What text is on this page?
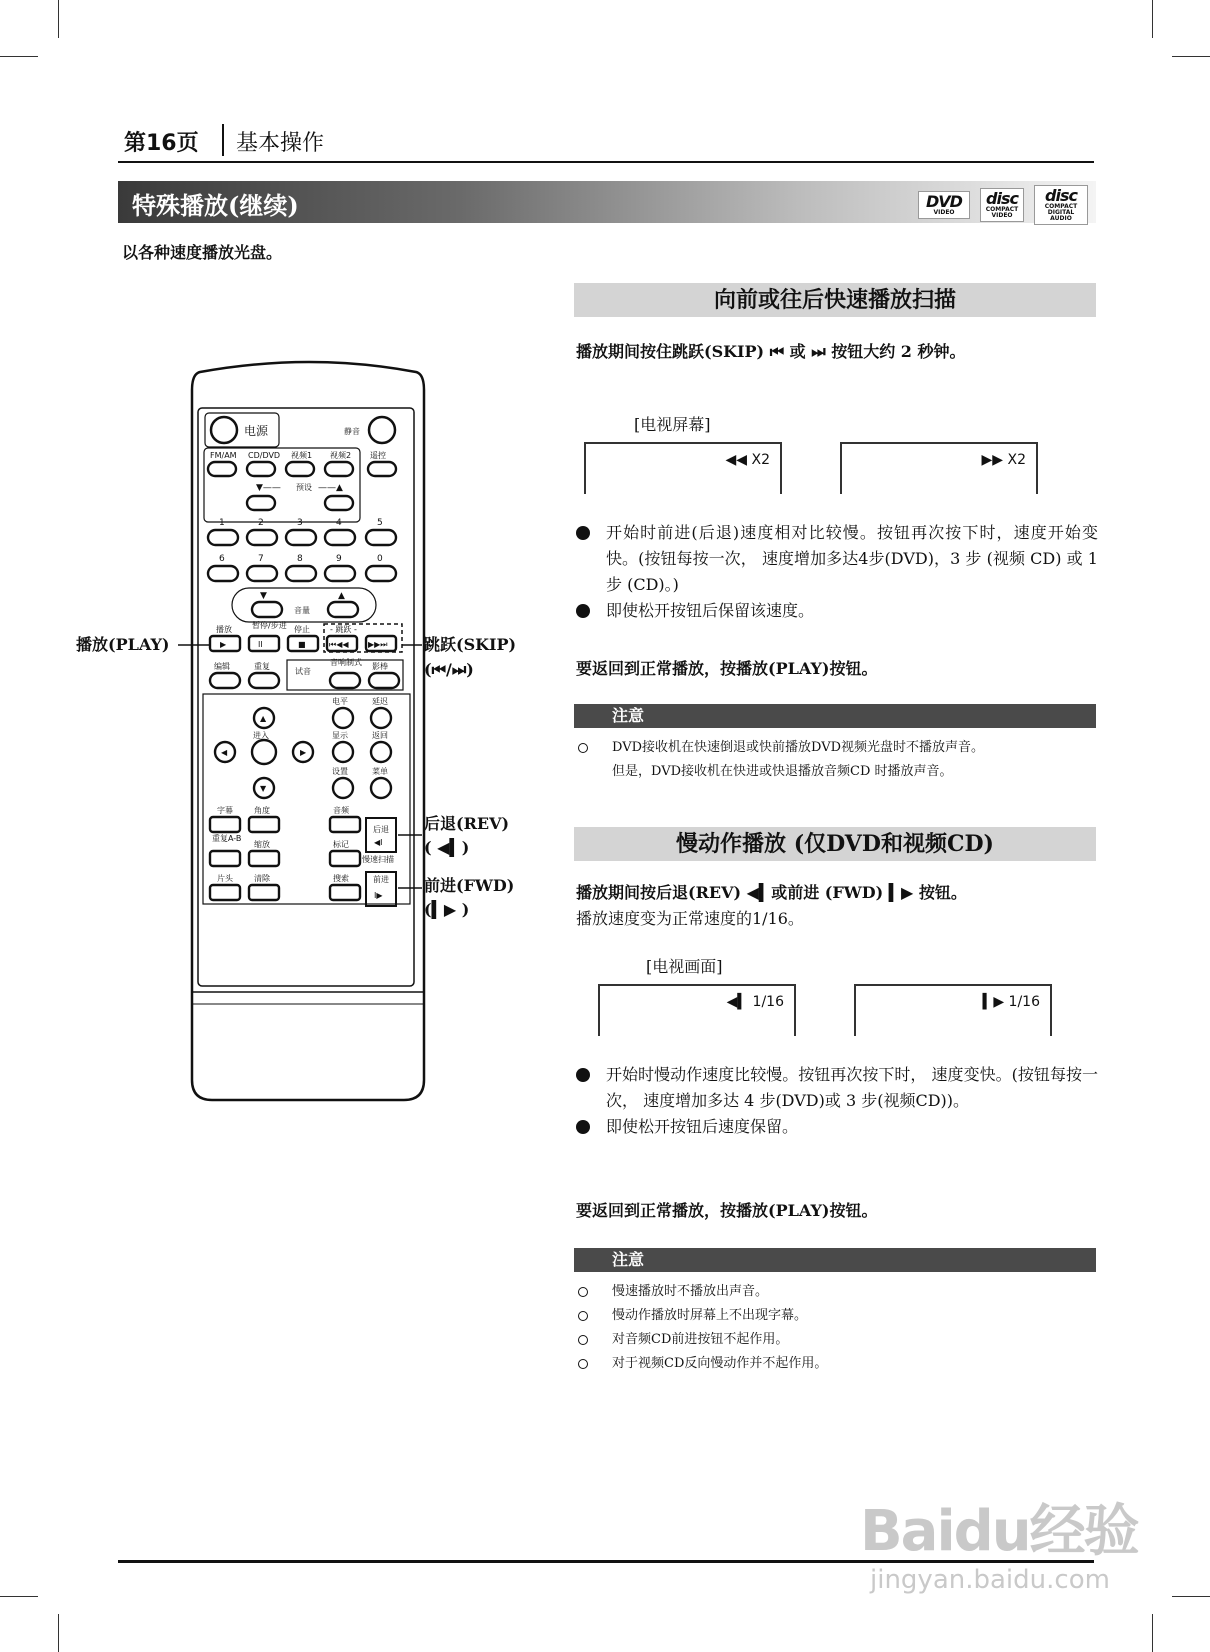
第16页 基本操作
特殊播放(继续)	DVD
VIDEO
disc
COMPACT VIDEO
disc
COMPACT DIGITAL AUDIO
以各种速度播放光盘。
电源	静音
FM/AM CD/DVD 视频1 视频2 遥控
▼—— 预设 ——▲
1	2	3	4	5
6	7	8	9	0
▼	▲
音量
播放	暂停/步进 停止	- 跳跃 -
▶	II	■	⏮◀◀ ▶▶⏭
编辑	重复
试音
音响制式 影棒
电平	延迟
进入	显示	返回
设置	菜单
▲
◀	▶
▼
字幕	角度	音频
后退
重复A-B
缩放	标记
慢速扫描
片头	清除	搜索	前进
◀I
I▶
播放(PLAY)	跳跃(SKIP)
(⏮/⏭)
后退(REV)
( ◀▍)
前进(FWD)
(▍▶ )
向前或往后快速播放扫描
播放期间按住跳跃(SKIP) ⏮ 或 ⏭ 按钮大约 2 秒钟。
[电视屏幕]
◀◀ X2	▶▶ X2
开始时前进(后退)速度相对比较慢。按钮再次按下时，速度开始变快。(按钮每按一次， 速度增加多达4步(DVD)，3 步 (视频 CD) 或 1 步 (CD)。)
即使松开按钮后保留该速度。
要返回到正常播放，按播放(PLAY)按钮。
注意
DVD接收机在快速倒退或快前播放DVD视频光盘时不播放声音。
但是，DVD接收机在快进或快退播放音频CD 时播放声音。
慢动作播放 (仅DVD和视频CD)
播放期间按后退(REV) ◀▍或前进 (FWD) ▍▶ 按钮。
播放速度变为正常速度的1/16。
[电视画面]
◀▍ 1/16	▍▶ 1/16
开始时慢动作速度比较慢。按钮再次按下时， 速度变快。(按钮每按一次， 速度增加多达 4 步(DVD)或 3 步(视频CD))。
即使松开按钮后速度保留。
要返回到正常播放，按播放(PLAY)按钮。
注意
慢速播放时不播放出声音。
慢动作播放时屏幕上不出现字幕。
对音频CD前进按钮不起作用。
对于视频CD反向慢动作并不起作用。
Baidu经验
jingyan.baidu.com
